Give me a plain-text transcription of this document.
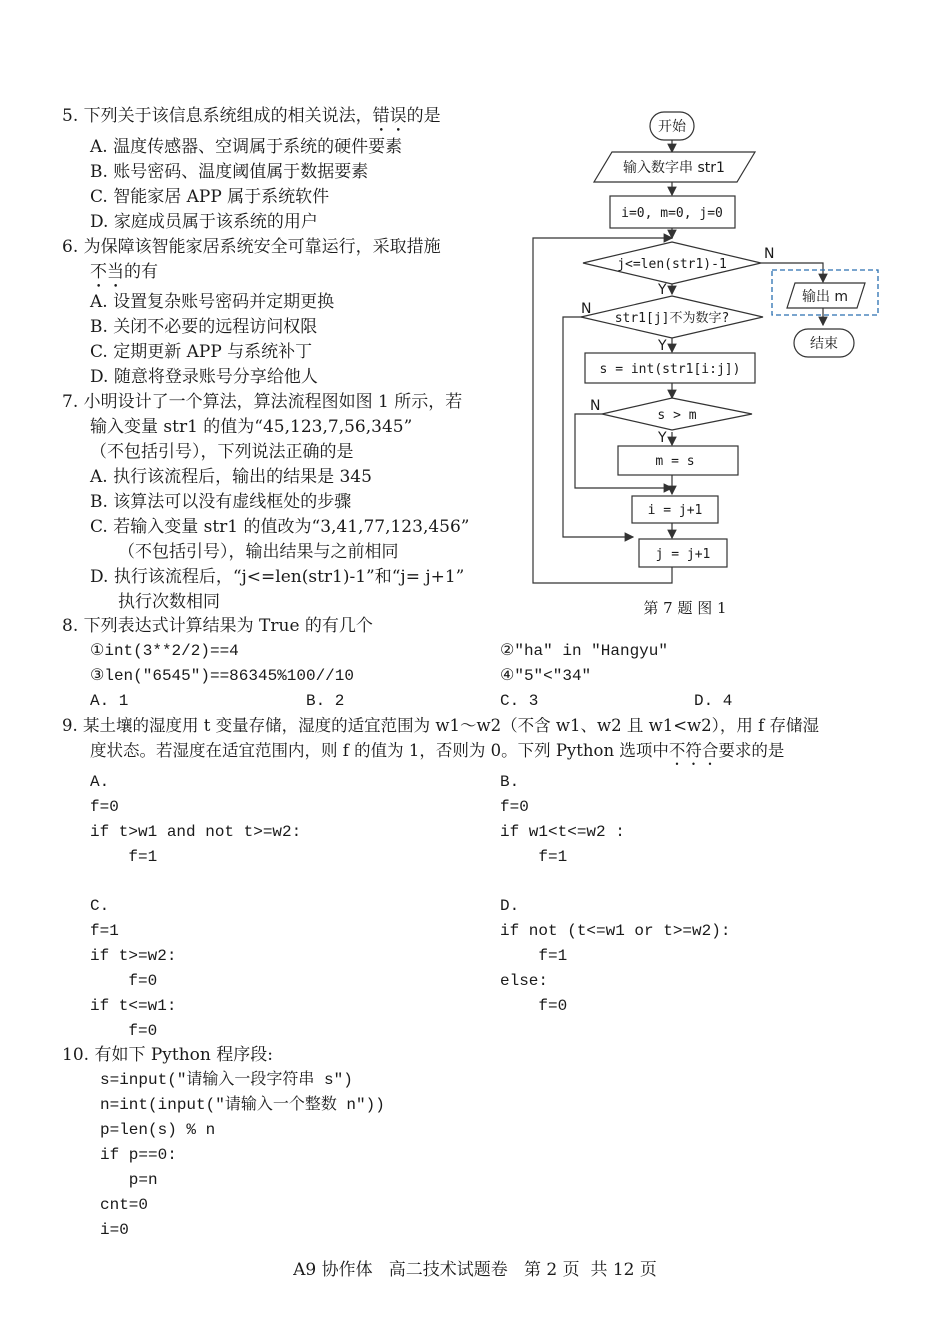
5. 下列关于该信息系统组成的相关说法，错误的是
A. 温度传感器、空调属于系统的硬件要素
B. 账号密码、温度阈值属于数据要素
C. 智能家居 APP 属于系统软件
D. 家庭成员属于该系统的用户
6. 为保障该智能家居系统安全可靠运行，采取措施
不当的有
A. 设置复杂账号密码并定期更换
B. 关闭不必要的远程访问权限
C. 定期更新 APP 与系统补丁
D. 随意将登录账号分享给他人
7. 小明设计了一个算法，算法流程图如图 1 所示，若
输入变量 str1 的值为“45,123,7,56,345”
（不包括引号），下列说法正确的是
A. 执行该流程后，输出的结果是 345
B. 该算法可以没有虚线框处的步骤
C. 若输入变量 str1 的值改为“3,41,77,123,456”
（不包括引号），输出结果与之前相同
D. 执行该流程后，“j<=len(str1)-1”和“j= j+1”
执行次数相同
开始
输入数字串 str1
i=0, m=0, j=0
j<=len(str1)-1
str1[j]不为数字?
s = int(str1[i:j])
s > m
m = s
i = j+1
j = j+1
输出 m
结束
N
Y
N
Y
N
Y
第 7 题 图 1
8. 下列表达式计算结果为 True 的有几个
①int(3**2/2)==4	②"ha" in "Hangyu"
③len("6545")==86345%100//10	④"5"<"34"
A. 1	B. 2	C. 3	D. 4
9. 某土壤的湿度用 t 变量存储，湿度的适宜范围为 w1～w2（不含 w1、w2 且 w1<w2），用 f 存储湿
度状态。若湿度在适宜范围内，则 f 的值为 1，否则为 0。下列 Python 选项中不符合要求的是
A.
f=0
if t>w1 and not t>=w2:
f=1
B.
f=0
if w1<t<=w2 :
f=1
C.
f=1
if t>=w2:
f=0
if t<=w1:
f=0
D.
if not (t<=w1 or t>=w2):
f=1
else:
f=0
10. 有如下 Python 程序段:
s=input("请输入一段字符串 s")
n=int(input("请输入一个整数 n"))
p=len(s) % n
if p==0:
p=n
cnt=0
i=0
A9 协作体   高二技术试题卷   第 2 页  共 12 页
